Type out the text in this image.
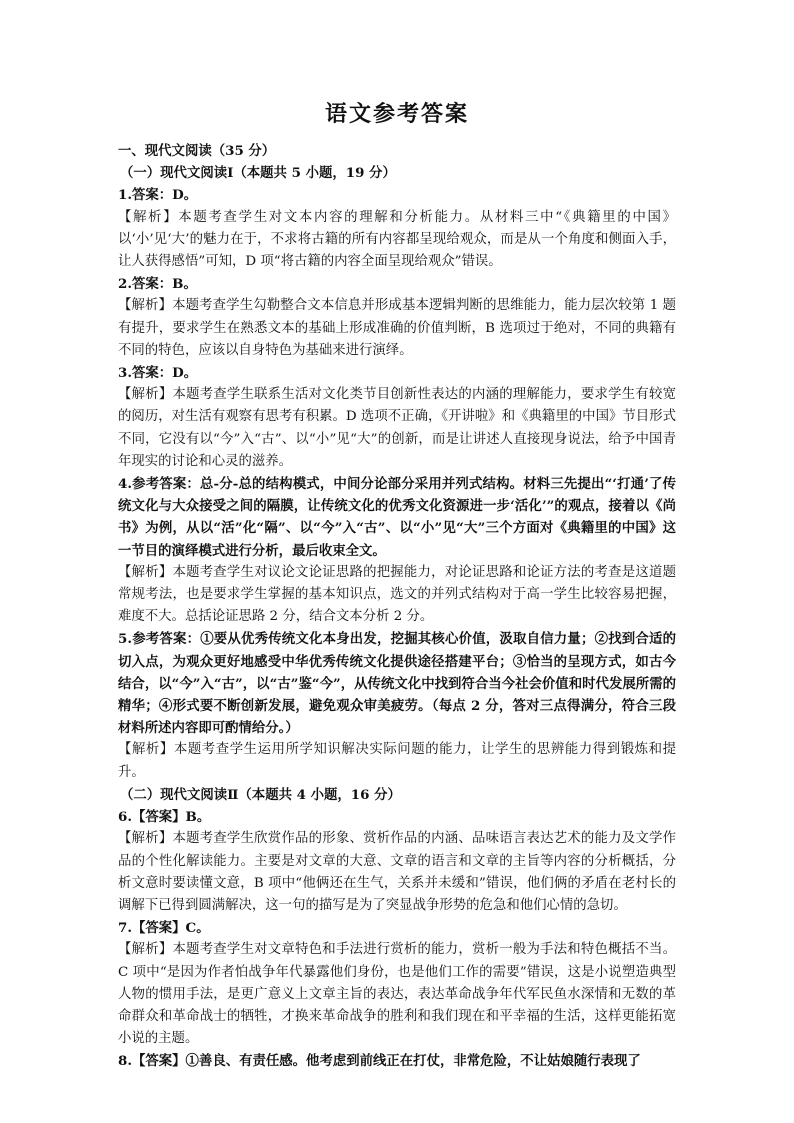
语文参考答案

一、现代文阅读（35 分）

（一）现代文阅读Ⅰ（本题共 5 小题，19 分）

1.答案：D。

【解析】本题考查学生对文本内容的理解和分析能力。从材料三中“《典籍里的中国》以‘小’见‘大’的魅力在于，不求将古籍的所有内容都呈现给观众，而是从一个角度和侧面入手，让人获得感悟”可知，D 项“将古籍的内容全面呈现给观众”错误。

2.答案：B。

【解析】本题考查学生勾勒整合文本信息并形成基本逻辑判断的思维能力，能力层次较第 1 题有提升，要求学生在熟悉文本的基础上形成准确的价值判断，B 选项过于绝对，不同的典籍有不同的特色，应该以自身特色为基础来进行演绎。

3.答案：D。

【解析】本题考查学生联系生活对文化类节目创新性表达的内涵的理解能力，要求学生有较宽的阅历，对生活有观察有思考有积累。D 选项不正确，《开讲啦》和《典籍里的中国》节目形式不同，它没有以“今”入“古”、以“小”见“大”的创新，而是让讲述人直接现身说法，给予中国青年现实的讨论和心灵的滋养。

4.参考答案：总-分-总的结构模式，中间分论部分采用并列式结构。材料三先提出“‘打通’了传统文化与大众接受之间的隔膜，让传统文化的优秀文化资源进一步‘活化’”的观点，接着以《尚书》为例，从以“活”化“隔”、以“今”入“古”、以“小”见“大”三个方面对《典籍里的中国》这一节目的演绎模式进行分析，最后收束全文。

【解析】本题考查学生对议论文论证思路的把握能力，对论证思路和论证方法的考查是这道题常规考法，也是要求学生掌握的基本知识点，选文的并列式结构对于高一学生比较容易把握，难度不大。总括论证思路 2 分，结合文本分析 2 分。

5.参考答案：①要从优秀传统文化本身出发，挖掘其核心价值，汲取自信力量；②找到合适的切入点，为观众更好地感受中华优秀传统文化提供途径搭建平台；③恰当的呈现方式，如古今结合，以“今”入“古”，以“古”鉴“今”，从传统文化中找到符合当今社会价值和时代发展所需的精华；④形式要不断创新发展，避免观众审美疲劳。（每点 2 分，答对三点得满分，符合三段材料所述内容即可酌情给分。）

【解析】本题考查学生运用所学知识解决实际问题的能力，让学生的思辨能力得到锻炼和提升。

（二）现代文阅读Ⅱ（本题共 4 小题，16 分）

6.【答案】B。

【解析】本题考查学生欣赏作品的形象、赏析作品的内涵、品味语言表达艺术的能力及文学作品的个性化解读能力。主要是对文章的大意、文章的语言和文章的主旨等内容的分析概括，分析文意时要读懂文意，B 项中“他俩还在生气，关系并未缓和”错误，他们俩的矛盾在老村长的调解下已得到圆满解决，这一句的描写是为了突显战争形势的危急和他们心情的急切。

7.【答案】C。

【解析】本题考查学生对文章特色和手法进行赏析的能力，赏析一般为手法和特色概括不当。C 项中“是因为作者怕战争年代暴露他们身份，也是他们工作的需要”错误，这是小说塑造典型人物的惯用手法，是更广意义上文章主旨的表达，表达革命战争年代军民鱼水深情和无数的革命群众和革命战士的牺牲，才换来革命战争的胜利和我们现在和平幸福的生活，这样更能拓宽小说的主题。

8.【答案】①善良、有责任感。他考虑到前线正在打仗，非常危险，不让姑娘随行表现了
